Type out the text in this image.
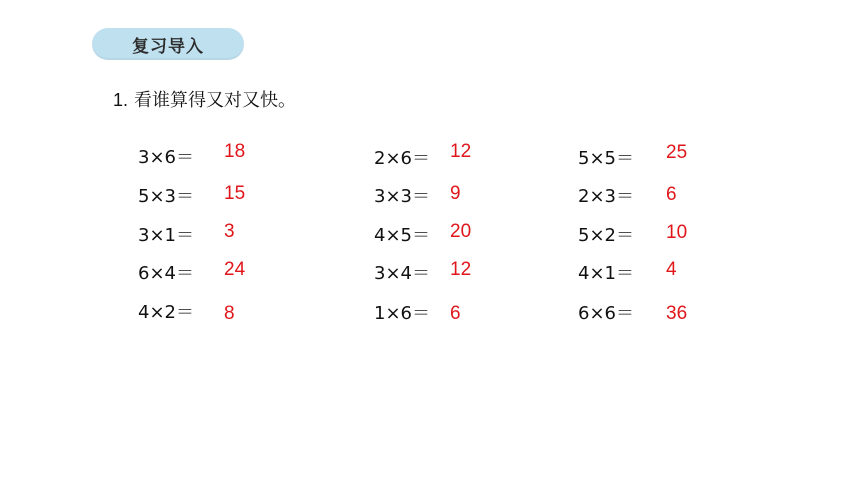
复习导入
1. 看谁算得又对又快。
3×6＝ 18
5×3＝ 15
3×1＝ 3
6×4＝ 24
4×2＝ 8
2×6＝ 12
3×3＝ 9
4×5＝ 20
3×4＝ 12
1×6＝ 6
5×5＝ 25
2×3＝ 6
5×2＝ 10
4×1＝ 4
6×6＝ 36
